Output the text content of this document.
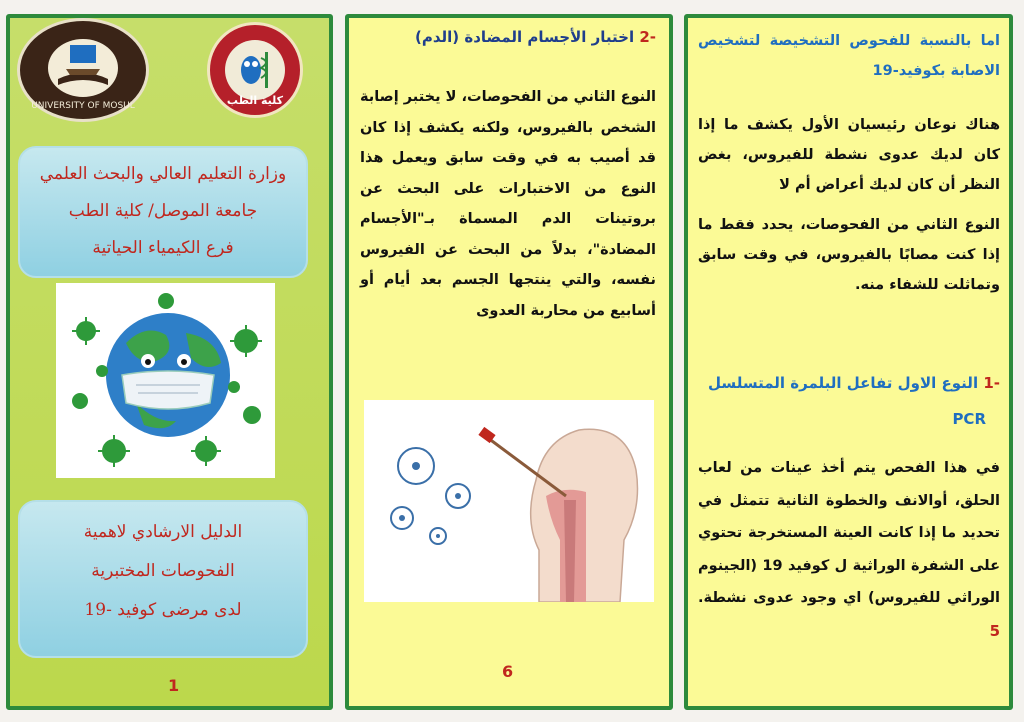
UNIVERSITY OF MOSUL	كلية الطب
وزارة التعليم العالي والبحث العلمي
جامعة الموصل/ كلية الطب
فرع الكيمياء الحياتية
الدليل الارشادي لاهمية
الفحوصات المختبرية
لدى مرضى كوفيد -19
1
-2 اختبار الأجسام المضادة (الدم)
النوع الثاني من الفحوصات، لا يختبر إصابة الشخص بالفيروس، ولكنه يكشف إذا كان قد أصيب به في وقت سابق ويعمل هذا النوع من الاختبارات على البحث عن بروتينات الدم المسماة بـ"الأجسام المضادة"، بدلاً من البحث عن الفيروس نفسه، والتي ينتجها الجسم بعد أيام أو أسابيع من محاربة العدوى
6
اما بالنسبة للفحوص التشخيصة لتشخيص الاصابة بكوفيد-19

هناك نوعان رئيسيان الأول يكشف ما إذا كان لديك عدوى نشطة للفيروس، بغض النظر أن كان لديك أعراض أم لا

النوع الثاني من الفحوصات، يحدد فقط ما إذا كنت مصابًا بالفيروس، في وقت سابق وتماثلت للشفاء منه.

-1 النوع الاول تفاعل البلمرة المتسلسل
PCR
في هذا الفحص يتم أخذ عينات من لعاب الحلق، أوالانف والخطوة الثانية تتمثل في تحديد ما إذا كانت العينة المستخرجة تحتوي على الشفرة الوراثية ل كوفيد 19 (الجينوم الوراثي للفيروس) اي وجود عدوى نشطة. 5
